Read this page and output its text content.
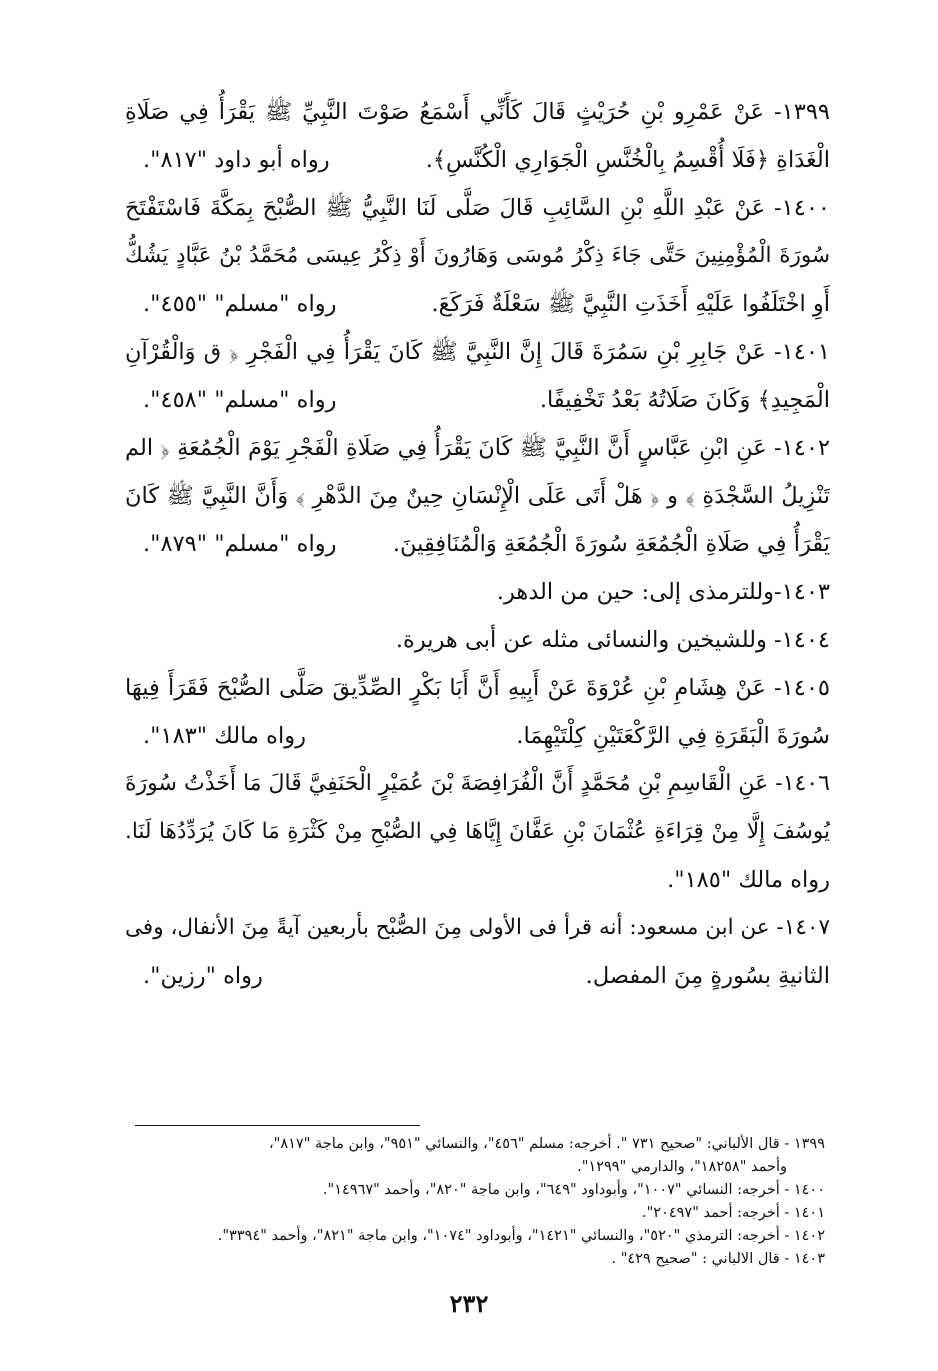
١٣٩٩- عَنْ عَمْرِو بْنِ حُرَيْثٍ قَالَ كَأَنِّي أَسْمَعُ صَوْتَ النَّبِيِّ ﷺ يَقْرَأُ فِي صَلَاةِ
الْغَدَاةِ ﴿فَلَا أُقْسِمُ بِالْخُنَّسِ الْجَوَارِي الْكُنَّسِ﴾.
رواه أبو داود "٨١٧".
١٤٠٠- عَنْ عَبْدِ اللَّهِ بْنِ السَّائِبِ قَالَ صَلَّى لَنَا النَّبِيُّ ﷺ الصُّبْحَ بِمَكَّةَ فَاسْتَفْتَحَ
سُورَةَ الْمُؤْمِنِينَ حَتَّى جَاءَ ذِكْرُ مُوسَى وَهَارُونَ أَوْ ذِكْرُ عِيسَى مُحَمَّدُ بْنُ عَبَّادٍ يَشُكُّ
أَوِ اخْتَلَفُوا عَلَيْهِ أَخَذَتِ النَّبِيَّ ﷺ سَعْلَةٌ فَرَكَعَ.
رواه "مسلم" "٤٥٥".
١٤٠١- عَنْ جَابِرِ بْنِ سَمُرَةَ قَالَ إِنَّ النَّبِيَّ ﷺ كَانَ يَقْرَأُ فِي الْفَجْرِ ﴿ ق وَالْقُرْآنِ
الْمَجِيدِ﴾ وَكَانَ صَلَاتُهُ بَعْدُ تَخْفِيفًا.
رواه "مسلم" "٤٥٨".
١٤٠٢- عَنِ ابْنِ عَبَّاسٍ أَنَّ النَّبِيَّ ﷺ كَانَ يَقْرَأُ فِي صَلَاةِ الْفَجْرِ يَوْمَ الْجُمُعَةِ ﴿ الم
تَنْزِيلُ السَّجْدَةِ ﴾ و ﴿ هَلْ أَتَى عَلَى الْإِنْسَانِ حِينٌ مِنَ الدَّهْرِ ﴾ وَأَنَّ النَّبِيَّ ﷺ كَانَ
يَقْرَأُ فِي صَلَاةِ الْجُمُعَةِ سُورَةَ الْجُمُعَةِ وَالْمُنَافِقِينَ.
رواه "مسلم" "٨٧٩".
١٤٠٣-وللترمذى إلى: حين من الدهر.
١٤٠٤- وللشيخين والنسائى مثله عن أبى هريرة.
١٤٠٥- عَنْ هِشَامِ بْنِ عُرْوَةَ عَنْ أَبِيهِ أَنَّ أَبَا بَكْرٍ الصِّدِّيقَ صَلَّى الصُّبْحَ فَقَرَأَ فِيهَا
سُورَةَ الْبَقَرَةِ فِي الرَّكْعَتَيْنِ كِلْتَيْهِمَا.
رواه مالك "١٨٣".
١٤٠٦- عَنِ الْقَاسِمِ بْنِ مُحَمَّدٍ أَنَّ الْفُرَافِصَةَ بْنَ عُمَيْرٍ الْحَنَفِيَّ قَالَ مَا أَخَذْتُ سُورَةَ
يُوسُفَ إِلَّا مِنْ قِرَاءَةِ عُثْمَانَ بْنِ عَفَّانَ إِيَّاهَا فِي الصُّبْحِ مِنْ كَثْرَةِ مَا كَانَ يُرَدِّدُهَا لَنَا.
رواه مالك "١٨٥".
١٤٠٧- عن ابن مسعود: أنه قرأ فى الأولى مِنَ الصُّبْح بأربعين آيةً مِنَ الأنفال، وفى
الثانيةِ بسُورةٍ مِنَ المفصل.
رواه "رزين".
١٣٩٩ - قال الألباني: "صحيح ٧٣١ ". أخرجه: مسلم "٤٥٦"، والنسائي "٩٥١"، وابن ماجة "٨١٧"،
وأحمد "١٨٢٥٨"، والدارمي "١٢٩٩".
١٤٠٠ - أخرجه: النسائي "١٠٠٧"، وأبوداود "٦٤٩"، وابن ماجة "٨٢٠"، وأحمد "١٤٩٦٧".
١٤٠١ - أخرجه: أحمد "٢٠٤٩٧".
١٤٠٢ - أخرجه: الترمذي "٥٢٠"، والنسائي "١٤٢١"، وأبوداود "١٠٧٤"، وابن ماجة "٨٢١"، وأحمد "٣٣٩٤".
١٤٠٣ - قال الالباني : "صحيح ٤٢٩" .
٢٣٢
